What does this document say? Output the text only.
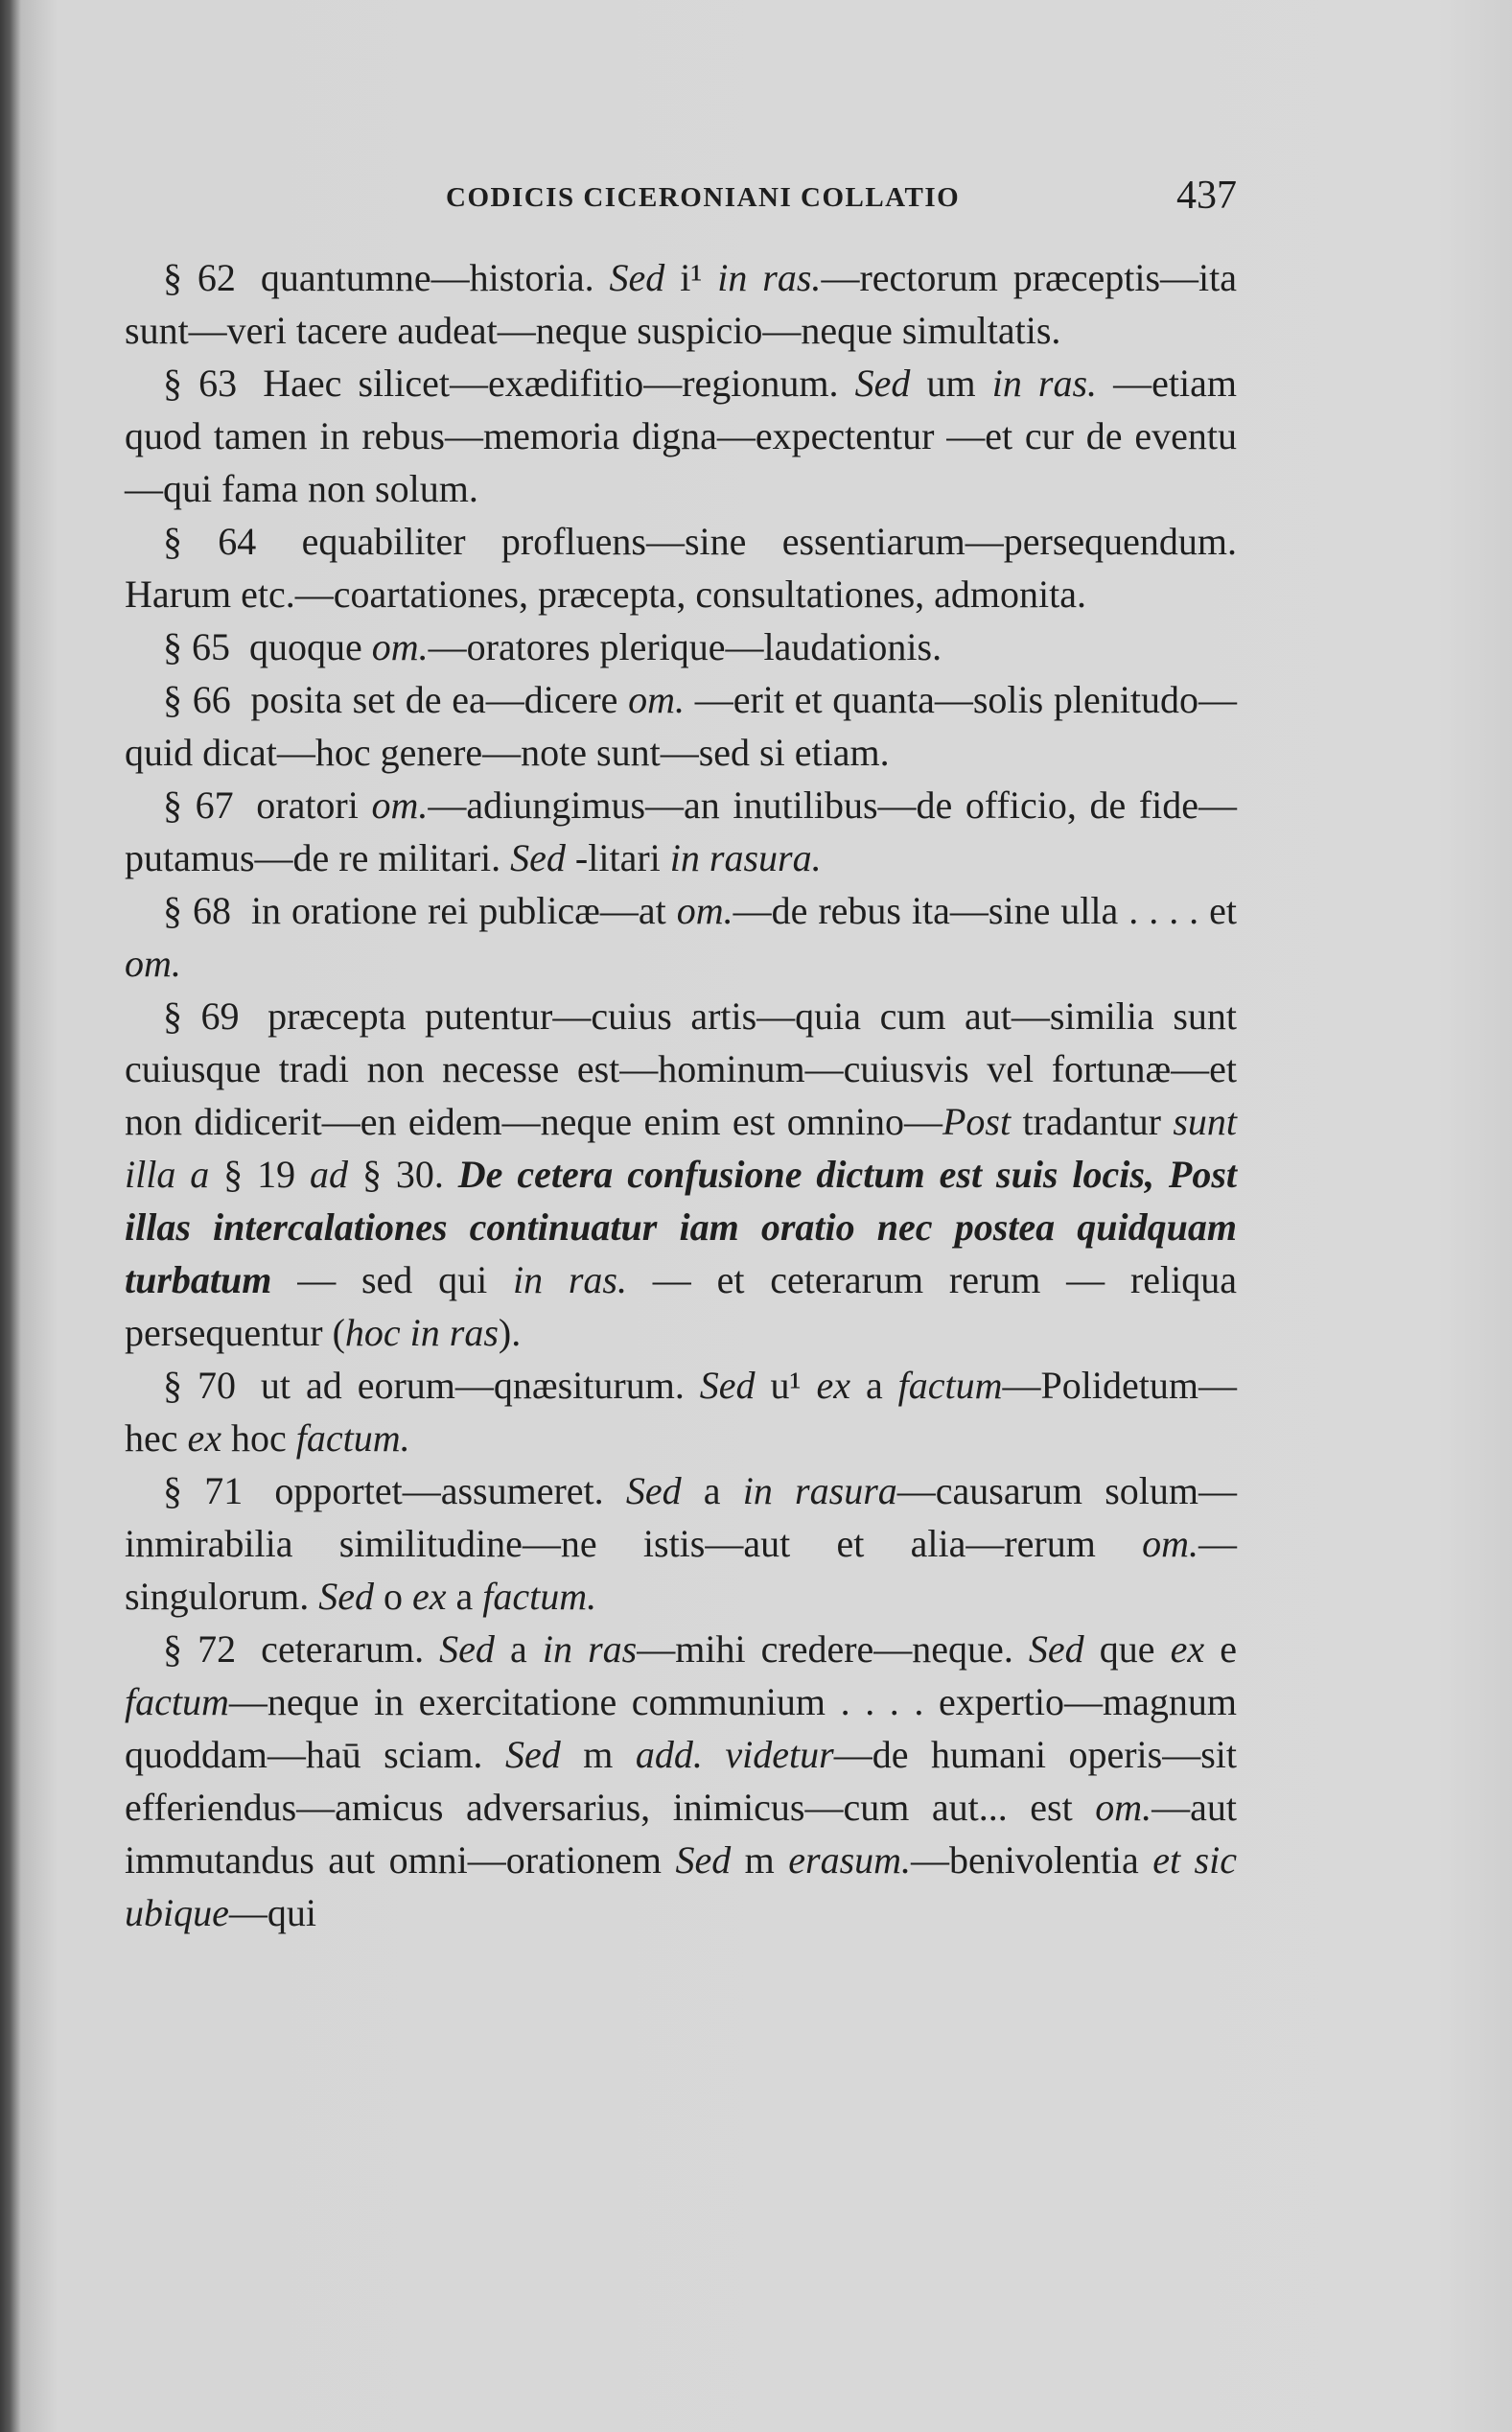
CODICIS CICERONIANI COLLATIO	437

§ 62 quantumne—historia. Sed i¹ in ras.—rectorum præceptis—ita sunt—veri tacere audeat—neque suspicio—neque simultatis.

§ 63 Haec silicet—exædifitio—regionum. Sed um in ras. —etiam quod tamen in rebus—memoria digna—expectentur —et cur de eventu—qui fama non solum.

§ 64 equabiliter profluens—sine essentiarum—persequendum. Harum etc.—coartationes, præcepta, consultationes, admonita.

§ 65 quoque om.—oratores plerique—laudationis.

§ 66 posita set de ea—dicere om. —erit et quanta—solis plenitudo—quid dicat—hoc genere—note sunt—sed si etiam.

§ 67 oratori om.—adiungimus—an inutilibus—de officio, de fide—putamus—de re militari. Sed -litari in rasura.

§ 68 in oratione rei publicæ—at om.—de rebus ita—sine ulla . . . . et om.

§ 69 præcepta putentur—cuius artis—quia cum aut—similia sunt cuiusque tradi non necesse est—hominum—cuiusvis vel fortunæ—et non didicerit—en eidem—neque enim est omnino—Post tradantur sunt illa a § 19 ad § 30. De cetera confusione dictum est suis locis, Post illas intercalationes continuatur iam oratio nec postea quidquam turbatum — sed qui in ras. — et ceterarum rerum — reliqua persequentur (hoc in ras).

§ 70 ut ad eorum—qnæsiturum. Sed u¹ ex a factum—Polidetum—hec ex hoc factum.

§ 71 opportet—assumeret. Sed a in rasura—causarum solum—inmirabilia similitudine—ne istis—aut et alia—rerum om.—singulorum. Sed o ex a factum.

§ 72 ceterarum. Sed a in ras—mihi credere—neque. Sed que ex e factum—neque in exercitatione communium . . . . expertio—magnum quoddam—haū sciam. Sed m add. videtur—de humani operis—sit efferiendus—amicus adversarius, inimicus—cum aut... est om.—aut immutandus aut omni—orationem Sed m erasum.—benivolentia et sic ubique—qui
